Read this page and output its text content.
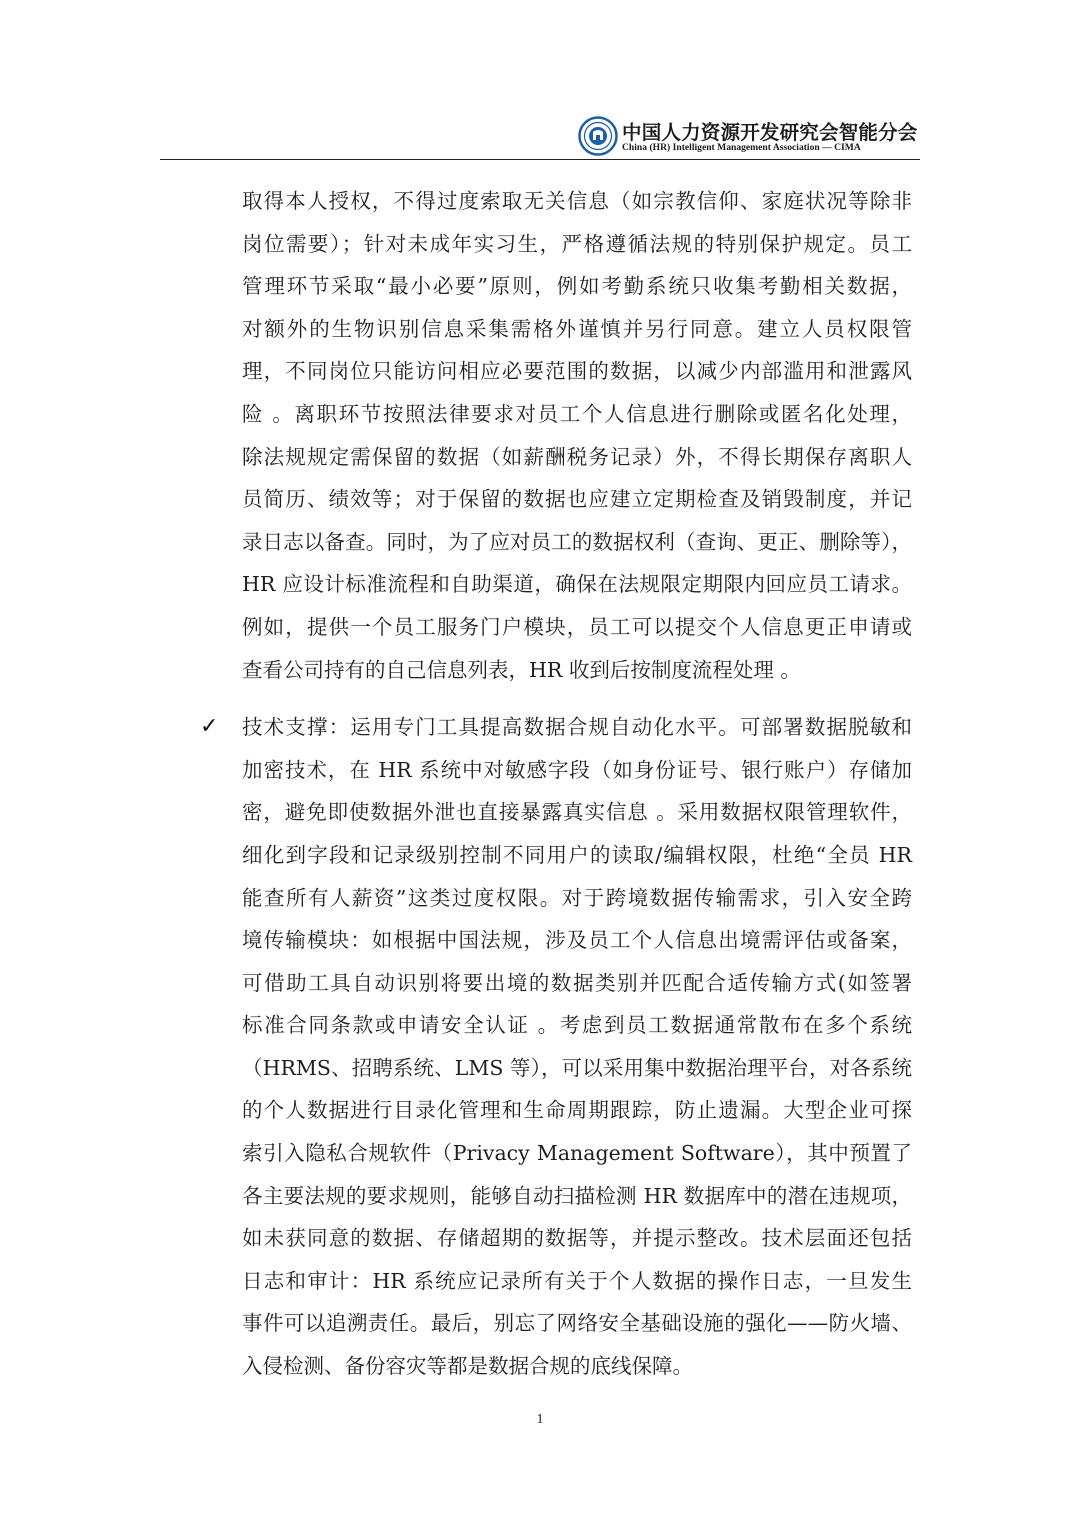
中国人力资源开发研究会智能分会
China (HR) Intelligent Management Association — CIMA
取得本人授权，不得过度索取无关信息（如宗教信仰、家庭状况等除非
岗位需要）；针对未成年实习生，严格遵循法规的特别保护规定。员工
管理环节采取“最小必要”原则，例如考勤系统只收集考勤相关数据，
对额外的生物识别信息采集需格外谨慎并另行同意。建立人员权限管
理，不同岗位只能访问相应必要范围的数据，以减少内部滥用和泄露风
险 。离职环节按照法律要求对员工个人信息进行删除或匿名化处理，
除法规规定需保留的数据（如薪酬税务记录）外，不得长期保存离职人
员简历、绩效等；对于保留的数据也应建立定期检查及销毁制度，并记
录日志以备查。同时，为了应对员工的数据权利（查询、更正、删除等），
HR 应设计标准流程和自助渠道，确保在法规限定期限内回应员工请求。
例如，提供一个员工服务门户模块，员工可以提交个人信息更正申请或
查看公司持有的自己信息列表，HR 收到后按制度流程处理 。
✓ 技术支撑：运用专门工具提高数据合规自动化水平。可部署数据脱敏和
加密技术，在 HR 系统中对敏感字段（如身份证号、银行账户）存储加
密，避免即使数据外泄也直接暴露真实信息 。采用数据权限管理软件，
细化到字段和记录级别控制不同用户的读取/编辑权限，杜绝“全员 HR
能查所有人薪资”这类过度权限。对于跨境数据传输需求，引入安全跨
境传输模块：如根据中国法规，涉及员工个人信息出境需评估或备案，
可借助工具自动识别将要出境的数据类别并匹配合适传输方式(如签署
标准合同条款或申请安全认证 。考虑到员工数据通常散布在多个系统
（HRMS、招聘系统、LMS 等），可以采用集中数据治理平台，对各系统
的个人数据进行目录化管理和生命周期跟踪，防止遗漏。大型企业可探
索引入隐私合规软件（Privacy Management Software），其中预置了
各主要法规的要求规则，能够自动扫描检测 HR 数据库中的潜在违规项，
如未获同意的数据、存储超期的数据等，并提示整改。技术层面还包括
日志和审计：HR 系统应记录所有关于个人数据的操作日志，一旦发生
事件可以追溯责任。最后，别忘了网络安全基础设施的强化——防火墙、
入侵检测、备份容灾等都是数据合规的底线保障。
1
